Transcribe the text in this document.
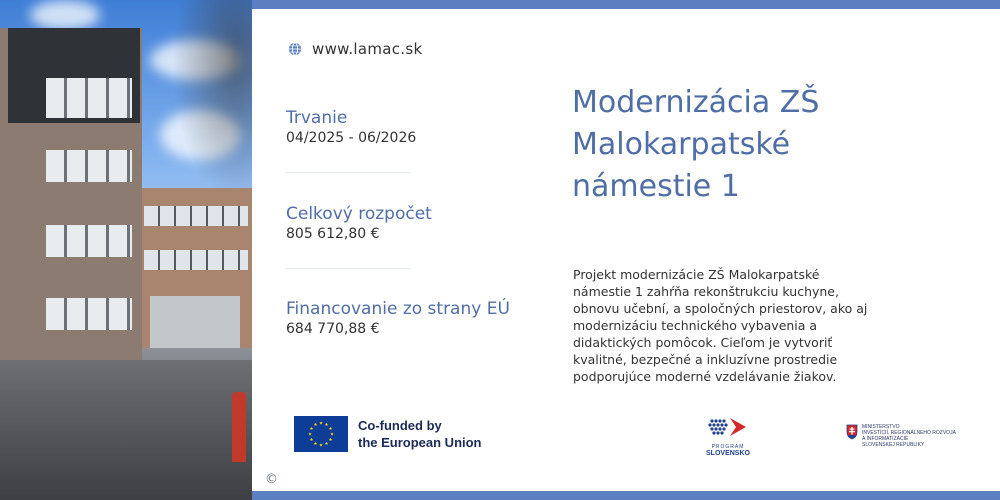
©
www.lamac.sk
Trvanie
04/2025 - 06/2026
Celkový rozpočet
805 612,80 €
Financovanie zo strany EÚ
684 770,88 €
Modernizácia ZŠ
Malokarpatské
námestie 1
Projekt modernizácie ZŠ Malokarpatské
námestie 1 zahŕňa rekonštrukciu kuchyne,
obnovu učební, a spoločných priestorov, ako aj
modernizáciu technického vybavenia a
didaktických pomôcok. Cieľom je vytvoriť
kvalitné, bezpečné a inkluzívne prostredie
podporujúce moderné vzdelávanie žiakov.
Co-funded by
the European Union	PROGRAM
SLOVENSKO
MINISTERSTVO
INVESTÍCIÍ, REGIONÁLNEHO ROZVOJA
A INFORMATIZÁCIE
SLOVENSKEJ REPUBLIKY
